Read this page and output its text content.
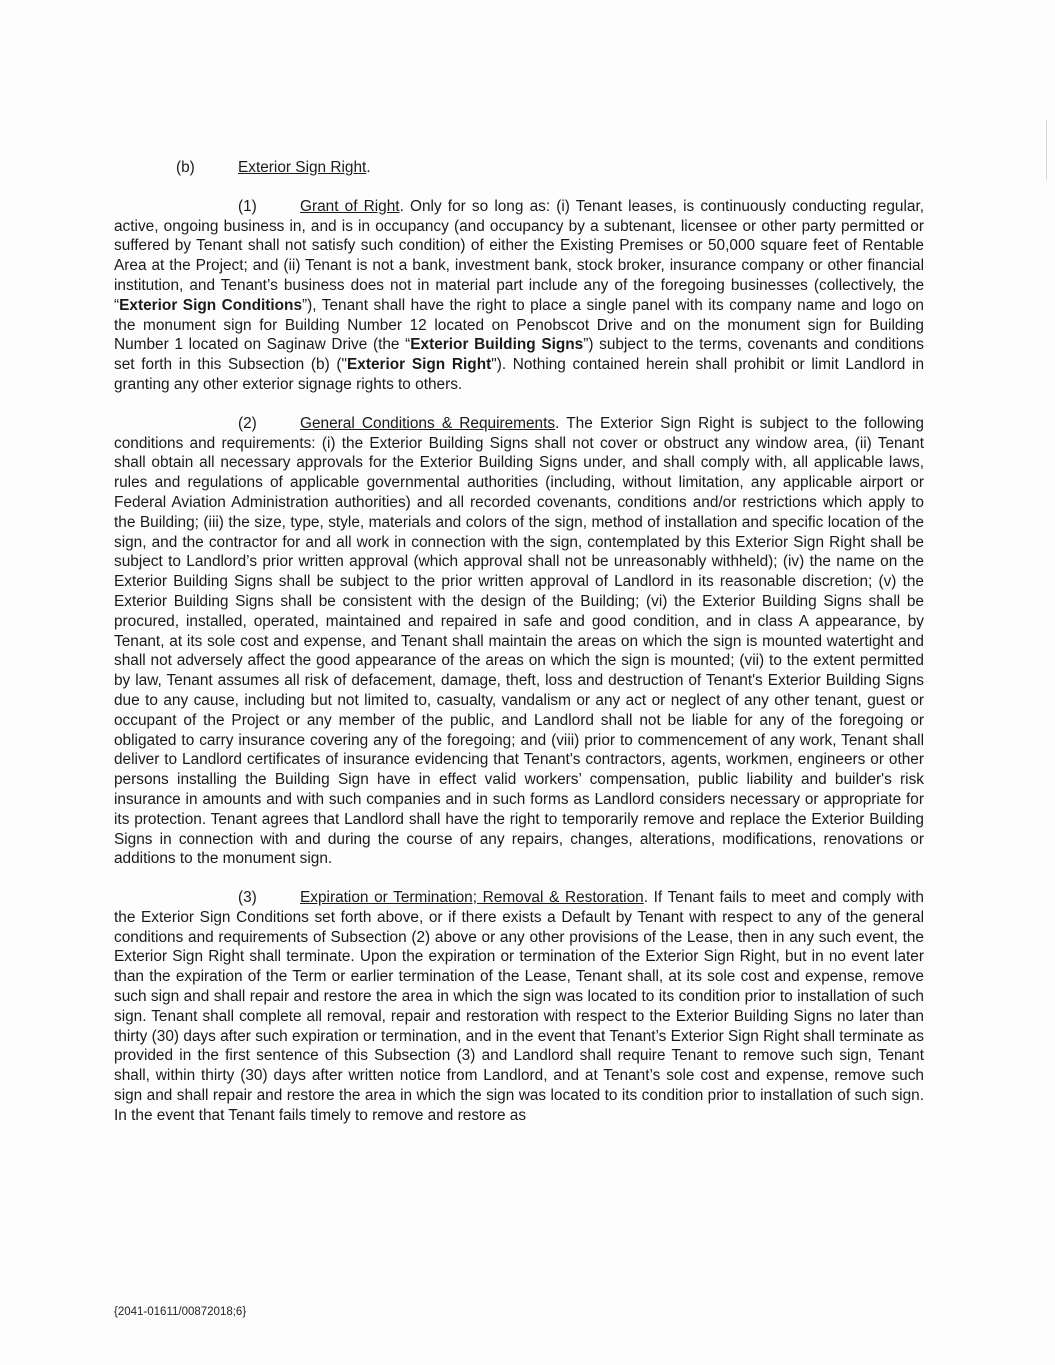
(b)	Exterior Sign Right.

(1)	Grant of Right. Only for so long as: (i) Tenant leases, is continuously conducting regular, active, ongoing business in, and is in occupancy (and occupancy by a subtenant, licensee or other party permitted or suffered by Tenant shall not satisfy such condition) of either the Existing Premises or 50,000 square feet of Rentable Area at the Project; and (ii) Tenant is not a bank, investment bank, stock broker, insurance company or other financial institution, and Tenant’s business does not in material part include any of the foregoing businesses (collectively, the “Exterior Sign Conditions”), Tenant shall have the right to place a single panel with its company name and logo on the monument sign for Building Number 12 located on Penobscot Drive and on the monument sign for Building Number 1 located on Saginaw Drive (the “Exterior Building Signs”) subject to the terms, covenants and conditions set forth in this Subsection (b) ("Exterior Sign Right"). Nothing contained herein shall prohibit or limit Landlord in granting any other exterior signage rights to others.

(2)	General Conditions & Requirements. The Exterior Sign Right is subject to the following conditions and requirements: (i) the Exterior Building Signs shall not cover or obstruct any window area, (ii) Tenant shall obtain all necessary approvals for the Exterior Building Signs under, and shall comply with, all applicable laws, rules and regulations of applicable governmental authorities (including, without limitation, any applicable airport or Federal Aviation Administration authorities) and all recorded covenants, conditions and/or restrictions which apply to the Building; (iii) the size, type, style, materials and colors of the sign, method of installation and specific location of the sign, and the contractor for and all work in connection with the sign, contemplated by this Exterior Sign Right shall be subject to Landlord’s prior written approval (which approval shall not be unreasonably withheld); (iv) the name on the Exterior Building Signs shall be subject to the prior written approval of Landlord in its reasonable discretion; (v) the Exterior Building Signs shall be consistent with the design of the Building; (vi) the Exterior Building Signs shall be procured, installed, operated, maintained and repaired in safe and good condition, and in class A appearance, by Tenant, at its sole cost and expense, and Tenant shall maintain the areas on which the sign is mounted watertight and shall not adversely affect the good appearance of the areas on which the sign is mounted; (vii) to the extent permitted by law, Tenant assumes all risk of defacement, damage, theft, loss and destruction of Tenant's Exterior Building Signs due to any cause, including but not limited to, casualty, vandalism or any act or neglect of any other tenant, guest or occupant of the Project or any member of the public, and Landlord shall not be liable for any of the foregoing or obligated to carry insurance covering any of the foregoing; and (viii) prior to commencement of any work, Tenant shall deliver to Landlord certificates of insurance evidencing that Tenant's contractors, agents, workmen, engineers or other persons installing the Building Sign have in effect valid workers’ compensation, public liability and builder's risk insurance in amounts and with such companies and in such forms as Landlord considers necessary or appropriate for its protection. Tenant agrees that Landlord shall have the right to temporarily remove and replace the Exterior Building Signs in connection with and during the course of any repairs, changes, alterations, modifications, renovations or additions to the monument sign.

(3)	Expiration or Termination; Removal & Restoration. If Tenant fails to meet and comply with the Exterior Sign Conditions set forth above, or if there exists a Default by Tenant with respect to any of the general conditions and requirements of Subsection (2) above or any other provisions of the Lease, then in any such event, the Exterior Sign Right shall terminate. Upon the expiration or termination of the Exterior Sign Right, but in no event later than the expiration of the Term or earlier termination of the Lease, Tenant shall, at its sole cost and expense, remove such sign and shall repair and restore the area in which the sign was located to its condition prior to installation of such sign. Tenant shall complete all removal, repair and restoration with respect to the Exterior Building Signs no later than thirty (30) days after such expiration or termination, and in the event that Tenant’s Exterior Sign Right shall terminate as provided in the first sentence of this Subsection (3) and Landlord shall require Tenant to remove such sign, Tenant shall, within thirty (30) days after written notice from Landlord, and at Tenant’s sole cost and expense, remove such sign and shall repair and restore the area in which the sign was located to its condition prior to installation of such sign. In the event that Tenant fails timely to remove and restore as

{2041-01611/00872018;6}
